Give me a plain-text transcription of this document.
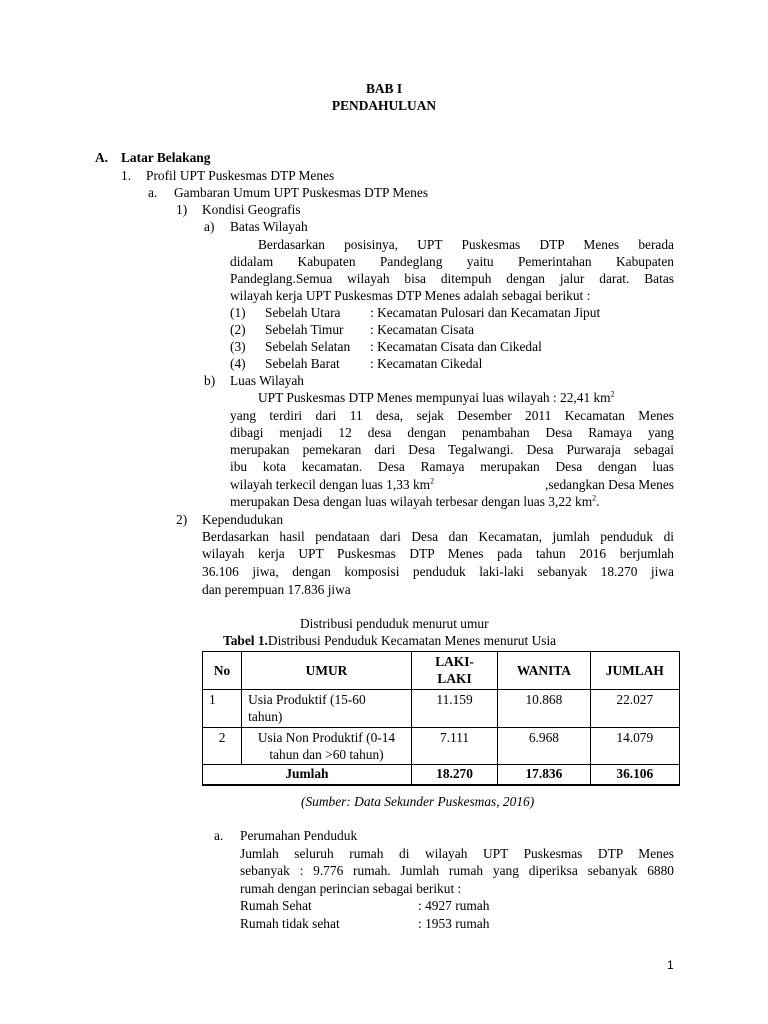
BAB I
PENDAHULUAN
A. Latar Belakang
1. Profil UPT Puskesmas DTP Menes
a. Gambaran Umum UPT Puskesmas DTP Menes
1) Kondisi Geografis
a) Batas Wilayah
Berdasarkan posisinya, UPT Puskesmas DTP Menes berada
didalam Kabupaten Pandeglang yaitu Pemerintahan Kabupaten
Pandeglang.Semua wilayah bisa ditempuh dengan jalur darat. Batas
wilayah kerja UPT Puskesmas DTP Menes adalah sebagai berikut :
(1) Sebelah Utara : Kecamatan Pulosari dan Kecamatan Jiput
(2) Sebelah Timur : Kecamatan Cisata
(3) Sebelah Selatan : Kecamatan Cisata dan Cikedal
(4) Sebelah Barat : Kecamatan Cikedal
b) Luas Wilayah
UPT Puskesmas DTP Menes mempunyai luas wilayah : 22,41 $km^2$
yang terdiri dari 11 desa, sejak Desember 2011 Kecamatan Menes
dibagi menjadi 12 desa dengan penambahan Desa Ramaya yang
merupakan pemekaran dari Desa Tegalwangi. Desa Purwaraja sebagai
ibu kota kecamatan. Desa Ramaya merupakan Desa dengan luas
wilayah terkecil dengan luas 1,33 $km^2$	,sedangkan Desa Menes
merupakan Desa dengan luas wilayah terbesar dengan luas 3,22 $km^2$.
2) Kependudukan
Berdasarkan hasil pendataan dari Desa dan Kecamatan, jumlah penduduk di
wilayah kerja UPT Puskesmas DTP Menes pada tahun 2016 berjumlah
36.106 jiwa, dengan komposisi penduduk laki-laki sebanyak 18.270 jiwa
dan perempuan 17.836 jiwa
Distribusi penduduk menurut umur
Tabel 1.Distribusi Penduduk Kecamatan Menes menurut Usia
No	UMUR	LAKI-
LAKI	WANITA	JUMLAH
1	Usia Produktif (15-60
tahun)	11.159	10.868	22.027
2	Usia Non Produktif (0-14
tahun dan >60 tahun)	7.111	6.968	14.079
Jumlah		18.270	17.836	36.106
(Sumber: Data Sekunder Puskesmas, 2016)
a. Perumahan Penduduk
Jumlah seluruh rumah di wilayah UPT Puskesmas DTP Menes
sebanyak : 9.776 rumah. Jumlah rumah yang diperiksa sebanyak 6880
rumah dengan perincian sebagai berikut :
Rumah Sehat	: 4927 rumah
Rumah tidak sehat	: 1953 rumah
1
